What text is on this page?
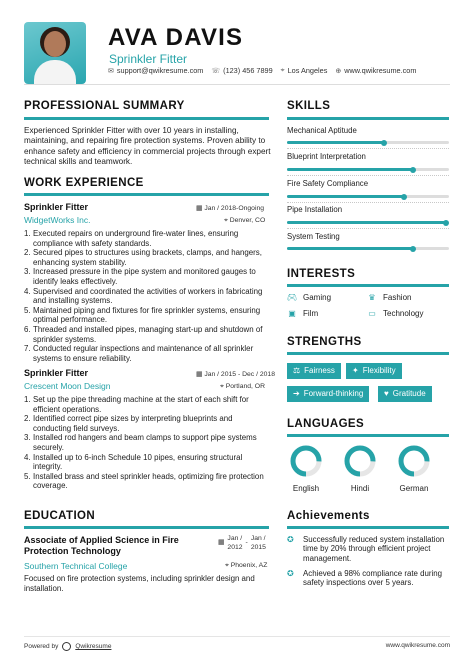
AVA DAVIS
Sprinkler Fitter
✉ support@qwikresume.com ☏ (123) 456 7899 ⌖ Los Angeles ⊕ www.qwikresume.com
PROFESSIONAL SUMMARY
Experienced Sprinkler Fitter with over 10 years in installing, maintaining, and repairing fire protection systems. Proven ability to enhance safety and efficiency in commercial projects through expert technical skills and teamwork.
WORK EXPERIENCE
Sprinkler Fitter	▦ Jan / 2018-Ongoing
WidgetWorks Inc.	⌖ Denver, CO
1. Executed repairs on underground fire-water lines, ensuring compliance with safety standards.
2. Secured pipes to structures using brackets, clamps, and hangers, enhancing system stability.
3. Increased pressure in the pipe system and monitored gauges to identify leaks effectively.
4. Supervised and coordinated the activities of workers in fabricating and installing systems.
5. Maintained piping and fixtures for fire sprinkler systems, ensuring optimal performance.
6. Threaded and installed pipes, managing start-up and shutdown of sprinkler systems.
7. Conducted regular inspections and maintenance of all sprinkler systems to ensure reliability.
Sprinkler Fitter	▦ Jan / 2015 - Dec / 2018
Crescent Moon Design	⌖ Portland, OR
1. Set up the pipe threading machine at the start of each shift for efficient operations.
2. Identified correct pipe sizes by interpreting blueprints and conducting field surveys.
3. Installed rod hangers and beam clamps to support pipe systems securely.
4. Installed up to 6-inch Schedule 10 pipes, ensuring structural integrity.
5. Installed brass and steel sprinkler heads, optimizing fire protection coverage.
EDUCATION
Associate of Applied Science in Fire
Protection Technology
▦
Jan /
2012
-
Jan /
2015
Southern Technical College	⌖ Phoenix, AZ
Focused on fire protection systems, including sprinkler design and installation.
SKILLS
Mechanical Aptitude
Blueprint Interpretation
Fire Safety Compliance
Pipe Installation
System Testing
INTERESTS
🎮︎ Gaming	♛ Fashion
▣ Film	▭ Technology
STRENGTHS
⚖ Fairness ✦ Flexibility
➔ Forward-thinking	♥ Gratitude
LANGUAGES
English	Hindi	German
Achievements
✪	Successfully reduced system installation time by 20% through efficient project management.
✪	Achieved a 98% compliance rate during safety inspections over 5 years.
Powered by	Qwikresume	www.qwikresume.com
